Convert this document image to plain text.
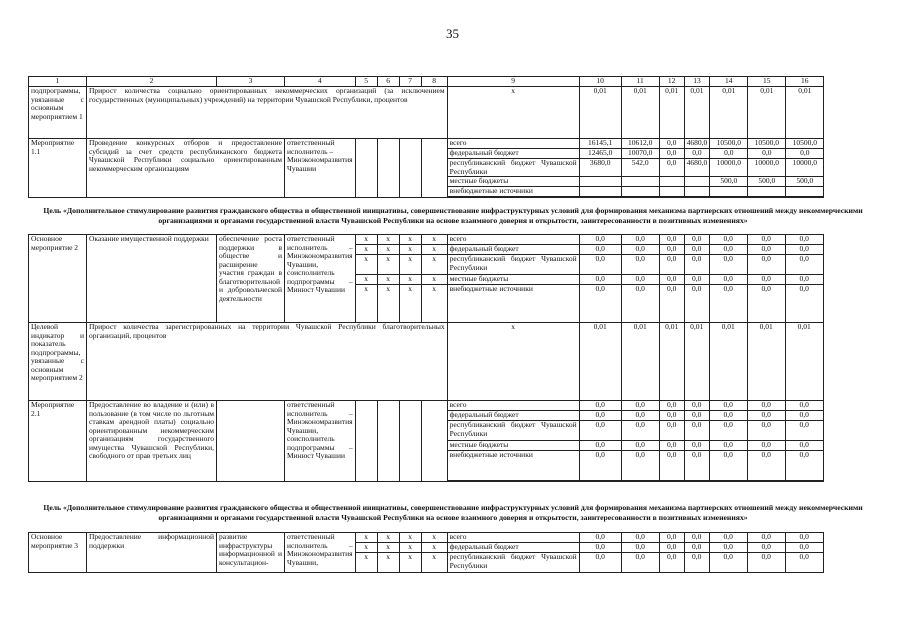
35
1	2	3	4	5	6	7	8	9	10	11	12	13	14	15	16
подпрограммы, увязанные с основным мероприятием 1	Прирост количества социально ориентированных некоммерческих организаций (за исключением государственных (муниципальных) учреждений) на территории Чувашской Республики, процентов							x	0,01	0,01	0,01	0,01	0,01	0,01	0,01
Мероприятие 1.1	Проведение конкурсных отборов и предоставление субсидий за счет средств республиканского бюджета Чувашской Республики социально ориентированным некоммерческим организациям		ответственный исполнитель – Минэкономразвития Чувашии					всего	16145,1	10612,0	0,0	4680,0	10500,0	10500,0	10500,0
								федеральный бюджет	12465,0	10070,0	0,0	0,0	0,0	0,0	0,0
								республиканский бюджет Чувашской Республики	3680,0	542,0	0,0	4680,0	10000,0	10000,0	10000,0
								местные бюджеты					500,0	500,0	500,0
								внебюджетные источники							

Цель «Дополнительное стимулирование развития гражданского общества и общественной инициативы, совершенствование инфраструктурных условий для формирования механизма партнерских отношений между некоммерческими организациями и органами государственной власти Чувашской Республики на основе взаимного доверия и открытости, заинтересованности в позитивных изменениях»
Основное мероприятие 2	Оказание имущественной поддержки	обеспечение роста поддержки в обществе и расширение участия граждан в благотворительной и добровольческой деятельности	ответственный исполнитель – Минэкономразвития Чувашии, соисполнитель подпрограммы – Минюст Чувашии	x	x	x	x	всего	0,0	0,0	0,0	0,0	0,0	0,0	0,0
				x	x	x	x	федеральный бюджет	0,0	0,0	0,0	0,0	0,0	0,0	0,0
				x	x	x	x	республиканский бюджет Чувашской Республики	0,0	0,0	0,0	0,0	0,0	0,0	0,0
				x	x	x	x	местные бюджеты	0,0	0,0	0,0	0,0	0,0	0,0	0,0
				x	x	x	x	внебюджетные источники	0,0	0,0	0,0	0,0	0,0	0,0	0,0
Целевой индикатор и показатель подпрограммы, увязанные с основным мероприятием 2	Прирост количества зарегистрированных на территории Чувашской Республики благотворительных организаций, процентов							x	0,01	0,01	0,01	0,01	0,01	0,01	0,01
Мероприятие 2.1	Предоставление во владение и (или) в пользование (в том числе по льготным ставкам арендной платы) социально ориентированным некоммерческим организациям государственного имущества Чувашской Республики, свободного от прав третьих лиц		ответственный исполнитель – Минэкономразвития Чувашии, соисполнитель подпрограммы – Минюст Чувашии					всего	0,0	0,0	0,0	0,0	0,0	0,0	0,0
								федеральный бюджет	0,0	0,0	0,0	0,0	0,0	0,0	0,0
								республиканский бюджет Чувашской Республики	0,0	0,0	0,0	0,0	0,0	0,0	0,0
								местные бюджеты	0,0	0,0	0,0	0,0	0,0	0,0	0,0
								внебюджетные источники	0,0	0,0	0,0	0,0	0,0	0,0	0,0

Цель «Дополнительное стимулирование развития гражданского общества и общественной инициативы, совершенствование инфраструктурных условий для формирования механизма партнерских отношений между некоммерческими организациями и органами государственной власти Чувашской Республики на основе взаимного доверия и открытости, заинтересованности в позитивных изменениях»
Основное мероприятие 3	Предоставление информационной поддержки	развитие инфраструктуры информационной и консультацион-	ответственный исполнитель – Минэкономразвития Чувашии,	x	x	x	x	всего	0,0	0,0	0,0	0,0	0,0	0,0	0,0
				x	x	x	x	федеральный бюджет	0,0	0,0	0,0	0,0	0,0	0,0	0,0
				x	x	x	x	республиканский бюджет Чувашской Республики	0,0	0,0	0,0	0,0	0,0	0,0	0,0
